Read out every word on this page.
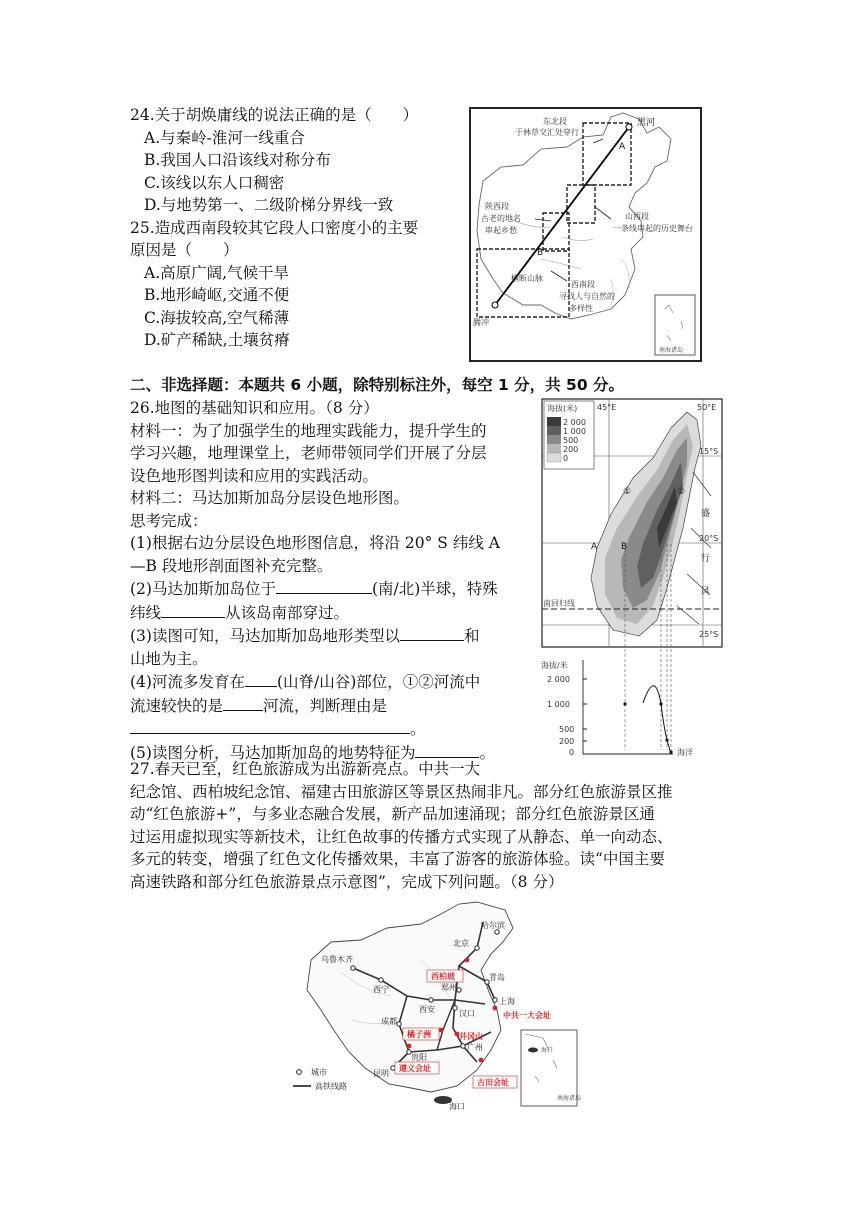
24.关于胡焕庸线的说法正确的是（　　）
A.与秦岭-淮河一线重合
B.我国人口沿该线对称分布
C.该线以东人口稠密
D.与地势第一、二级阶梯分界线一致
25.造成西南段较其它段人口密度小的主要
原因是（　　）
A.高原广阔,气候干旱
B.地形崎岖,交通不便
C.海拔较高,空气稀薄
D.矿产稀缺,土壤贫瘠
黑河
东北段
于林草交汇处穿行
A
B
陕西段
古老的地名
串起乡愁
山西段
一条线串起的历史舞台
横断山脉
西南段
寻找人与自然的
多样性
腾冲
南海诸岛
二、非选择题：本题共 6 小题，除特别标注外，每空 1 分，共 50 分。
26.地图的基础知识和应用。（8 分）
材料一：为了加强学生的地理实践能力，提升学生的
学习兴趣，地理课堂上，老师带领同学们开展了分层
设色地形图判读和应用的实践活动。
材料二：马达加斯加岛分层设色地形图。
思考完成：
(1)根据右边分层设色地形图信息，将沿 20° S 纬线 A
—B 段地形剖面图补充完整。
(2)马达加斯加岛位于	(南/北)半球，特殊
纬线	从该岛南部穿过。
(3)读图可知，马达加斯加岛地形类型以	和
山地为主。
(4)河流多发育在 (山脊/山谷)部位，①②河流中
流速较快的是	河流，判断理由是
。
(5)读图分析，马达加斯加岛的地势特征为	。
海拔(米)
2 000
1 000
500
200
0
45°E	50°E
15°S
20°S
25°S
南回归线
盛
行
风
①	②
A	B
海拔/米
2 000
1 000
500
200
0	海洋
27.春天已至，红色旅游成为出游新亮点。中共一大
纪念馆、西柏坡纪念馆、福建古田旅游区等景区热闹非凡。部分红色旅游景区推
动“红色旅游+”，与多业态融合发展，新产品加速涌现；部分红色旅游景区通
过运用虚拟现实等新技术，让红色故事的传播方式实现了从静态、单一向动态、
多元的转变，增强了红色文化传播效果，丰富了游客的旅游体验。读“中国主要
高速铁路和部分红色旅游景点示意图”，完成下列问题。（8 分）
哈尔滨
乌鲁木齐
北京
西宁
青岛
郑州
西安
上海
成都
汉口
贵阳
昆明
广州
海口
西柏坡
中共一大会址
橘子洲	井冈山
遵义会址
古田会址
城市
高铁线路
海口
南海诸岛
